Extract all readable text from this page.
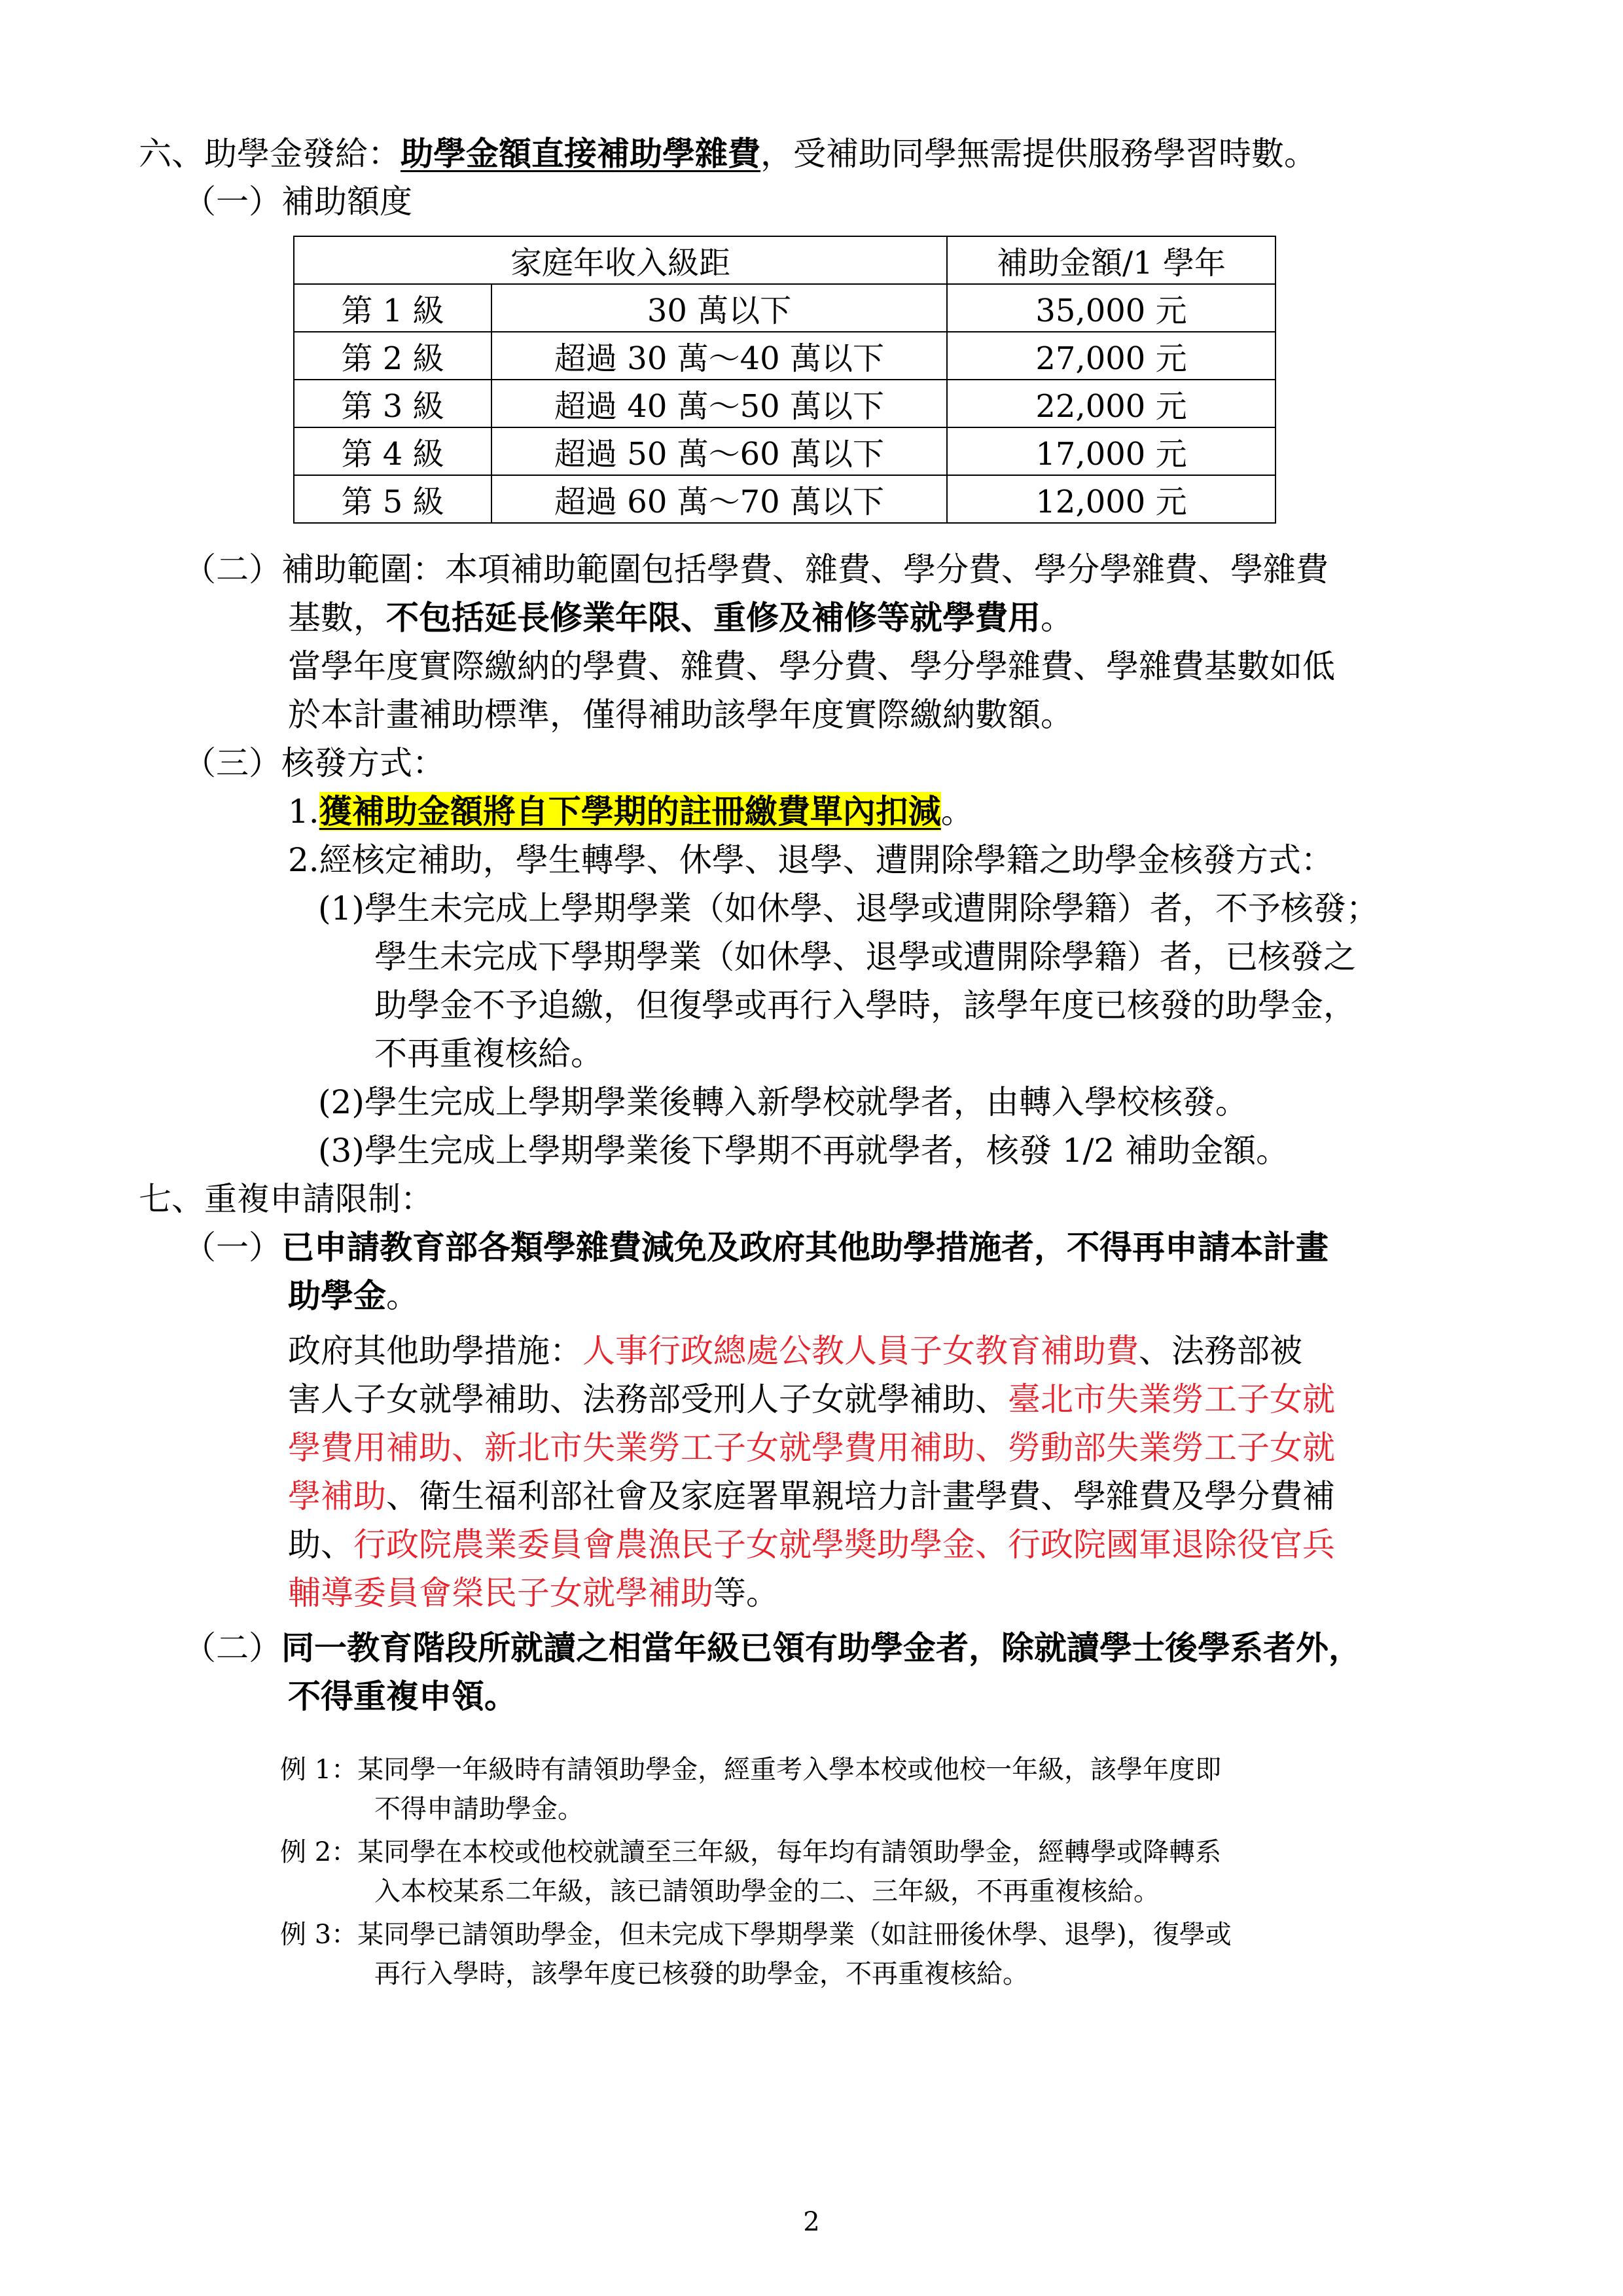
六、助學金發給：助學金額直接補助學雜費，受補助同學無需提供服務學習時數。
（一）補助額度
家庭年收入級距		補助金額/1 學年
第 1 級	30 萬以下	35,000 元
第 2 級	超過 30 萬～40 萬以下	27,000 元
第 3 級	超過 40 萬～50 萬以下	22,000 元
第 4 級	超過 50 萬～60 萬以下	17,000 元
第 5 級	超過 60 萬～70 萬以下	12,000 元
（二）補助範圍：本項補助範圍包括學費、雜費、學分費、學分學雜費、學雜費
基數，不包括延長修業年限、重修及補修等就學費用。
當學年度實際繳納的學費、雜費、學分費、學分學雜費、學雜費基數如低
於本計畫補助標準，僅得補助該學年度實際繳納數額。
（三）核發方式：
1.獲補助金額將自下學期的註冊繳費單內扣減。
2.經核定補助，學生轉學、休學、退學、遭開除學籍之助學金核發方式：
(1)學生未完成上學期學業（如休學、退學或遭開除學籍）者，不予核發；
學生未完成下學期學業（如休學、退學或遭開除學籍）者，已核發之
助學金不予追繳，但復學或再行入學時，該學年度已核發的助學金，
不再重複核給。
(2)學生完成上學期學業後轉入新學校就學者，由轉入學校核發。
(3)學生完成上學期學業後下學期不再就學者，核發 1/2 補助金額。
七、重複申請限制：
（一）已申請教育部各類學雜費減免及政府其他助學措施者，不得再申請本計畫
助學金。
政府其他助學措施：人事行政總處公教人員子女教育補助費、法務部被
害人子女就學補助、法務部受刑人子女就學補助、臺北市失業勞工子女就
學費用補助、新北市失業勞工子女就學費用補助、勞動部失業勞工子女就
學補助、衛生福利部社會及家庭署單親培力計畫學費、學雜費及學分費補
助、行政院農業委員會農漁民子女就學獎助學金、行政院國軍退除役官兵
輔導委員會榮民子女就學補助等。
（二）同一教育階段所就讀之相當年級已領有助學金者，除就讀學士後學系者外，
不得重複申領。
例 1：某同學一年級時有請領助學金，經重考入學本校或他校一年級，該學年度即
不得申請助學金。
例 2：某同學在本校或他校就讀至三年級，每年均有請領助學金，經轉學或降轉系
入本校某系二年級，該已請領助學金的二、三年級，不再重複核給。
例 3：某同學已請領助學金，但未完成下學期學業（如註冊後休學、退學)，復學或
再行入學時，該學年度已核發的助學金，不再重複核給。
2
